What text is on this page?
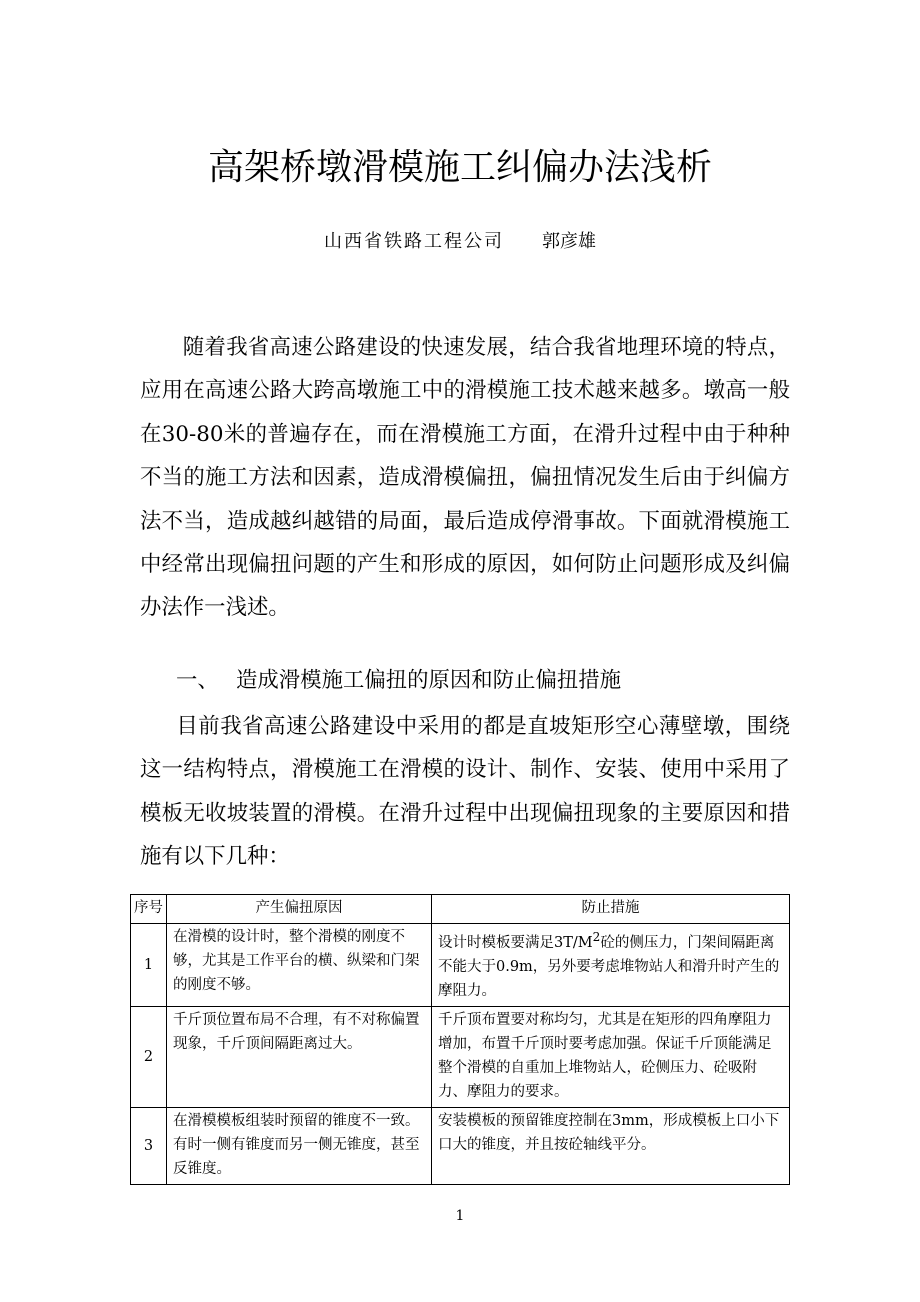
高架桥墩滑模施工纠偏办法浅析
山西省铁路工程公司 郭彦雄

随着我省高速公路建设的快速发展，结合我省地理环境的特点，应用在高速公路大跨高墩施工中的滑模施工技术越来越多。墩高一般在30-80米的普遍存在，而在滑模施工方面，在滑升过程中由于种种不当的施工方法和因素，造成滑模偏扭，偏扭情况发生后由于纠偏方法不当，造成越纠越错的局面，最后造成停滑事故。下面就滑模施工中经常出现偏扭问题的产生和形成的原因，如何防止问题形成及纠偏办法作一浅述。

一、 造成滑模施工偏扭的原因和防止偏扭措施

目前我省高速公路建设中采用的都是直坡矩形空心薄壁墩，围绕这一结构特点，滑模施工在滑模的设计、制作、安装、使用中采用了模板无收坡装置的滑模。在滑升过程中出现偏扭现象的主要原因和措施有以下几种：

序号	产生偏扭原因	防止措施
1	在滑模的设计时，整个滑模的刚度不够，尤其是工作平台的横、纵梁和门架的刚度不够。	设计时模板要满足$3T/M^2$砼的侧压力，门架间隔距离不能大于0.9m，另外要考虑堆物站人和滑升时产生的摩阻力。
2	千斤顶位置布局不合理，有不对称偏置现象，千斤顶间隔距离过大。	千斤顶布置要对称均匀，尤其是在矩形的四角摩阻力增加，布置千斤顶时要考虑加强。保证千斤顶能满足整个滑模的自重加上堆物站人，砼侧压力、砼吸附力、摩阻力的要求。
3	在滑模模板组装时预留的锥度不一致。有时一侧有锥度而另一侧无锥度，甚至反锥度。	安装模板的预留锥度控制在3mm，形成模板上口小下口大的锥度，并且按砼轴线平分。
1
